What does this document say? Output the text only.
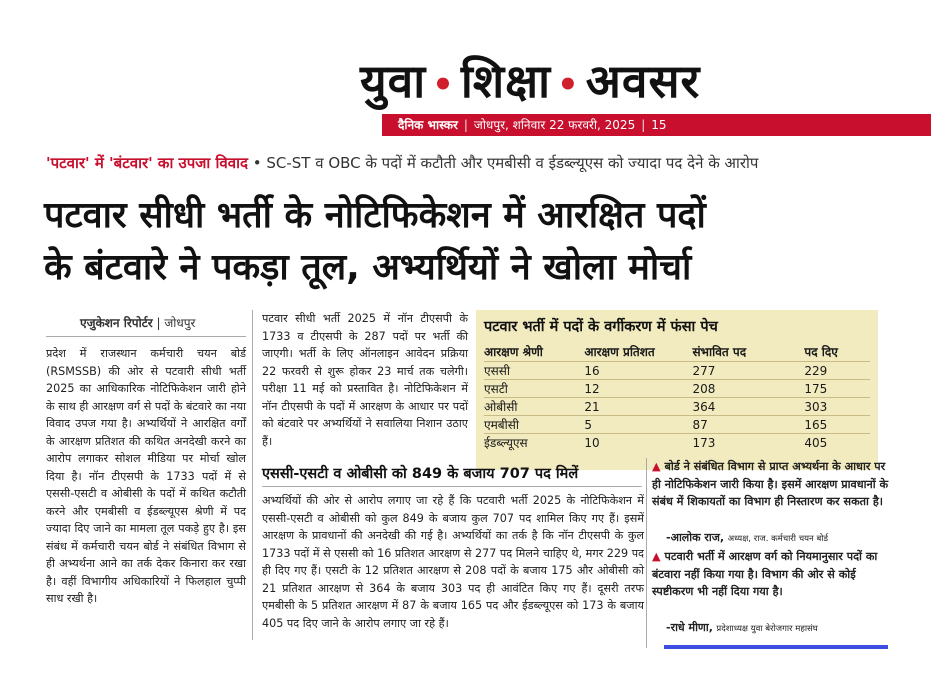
युवा • शिक्षा • अवसर
दैनिक भास्कर | जोधपुर, शनिवार 22 फरवरी, 2025 | 15
'पटवार' में 'बंटवार' का उपजा विवाद • SC-ST व OBC के पदों में कटौती और एमबीसी व ईडब्ल्यूएस को ज्यादा पद देने के आरोप
पटवार सीधी भर्ती के नोटिफिकेशन में आरक्षित पदों
के बंटवारे ने पकड़ा तूल, अभ्यर्थियों ने खोला मोर्चा
एजुकेशन रिपोर्टर | जोधपुर
प्रदेश में राजस्थान कर्मचारी चयन बोर्ड (RSMSSB) की ओर से पटवारी सीधी भर्ती 2025 का आधिकारिक नोटिफिकेशन जारी होने के साथ ही आरक्षण वर्ग से पदों के बंटवारे का नया विवाद उपज गया है। अभ्यर्थियों ने आरक्षित वर्गों के आरक्षण प्रतिशत की कथित अनदेखी करने का आरोप लगाकर सोशल मीडिया पर मोर्चा खोल दिया है। नॉन टीएसपी के 1733 पदों में से एससी-एसटी व ओबीसी के पदों में कथित कटौती करने और एमबीसी व ईडब्ल्यूएस श्रेणी में पद ज्यादा दिए जाने का मामला तूल पकड़े हुए है। इस संबंध में कर्मचारी चयन बोर्ड ने संबंधित विभाग से ही अभ्यर्थना आने का तर्क देकर किनारा कर रखा है। वहीं विभागीय अधिकारियों ने फिलहाल चुप्पी साध रखी है।
पटवार सीधी भर्ती 2025 में नॉन टीएसपी के 1733 व टीएसपी के 287 पदों पर भर्ती की जाएगी। भर्ती के लिए ऑनलाइन आवेदन प्रक्रिया 22 फरवरी से शुरू होकर 23 मार्च तक चलेगी। परीक्षा 11 मई को प्रस्तावित है। नोटिफिकेशन में नॉन टीएसपी के पदों में आरक्षण के आधार पर पदों को बंटवारे पर अभ्यर्थियों ने सवालिया निशान उठाए हैं।
पटवार भर्ती में पदों के वर्गीकरण में फंसा पेच
आरक्षण श्रेणी	आरक्षण प्रतिशत	संभावित पद	पद दिए
एससी	16	277	229
एसटी	12	208	175
ओबीसी	21	364	303
एमबीसी	5	87	165
ईडब्ल्यूएस	10	173	405
एससी-एसटी व ओबीसी को 849 के बजाय 707 पद मिलें
अभ्यर्थियों की ओर से आरोप लगाए जा रहे हैं कि पटवारी भर्ती 2025 के नोटिफिकेशन में एससी-एसटी व ओबीसी को कुल 849 के बजाय कुल 707 पद शामिल किए गए हैं। इसमें आरक्षण के प्रावधानों की अनदेखी की गई है। अभ्यर्थियों का तर्क है कि नॉन टीएसपी के कुल 1733 पदों में से एससी को 16 प्रतिशत आरक्षण से 277 पद मिलने चाहिए थे, मगर 229 पद ही दिए गए हैं। एसटी के 12 प्रतिशत आरक्षण से 208 पदों के बजाय 175 और ओबीसी को 21 प्रतिशत आरक्षण से 364 के बजाय 303 पद ही आवंटित किए गए हैं। दूसरी तरफ एमबीसी के 5 प्रतिशत आरक्षण में 87 के बजाय 165 पद और ईडब्ल्यूएस को 173 के बजाय 405 पद दिए जाने के आरोप लगाए जा रहे हैं।
▲ बोर्ड ने संबंधित विभाग से प्राप्त अभ्यर्थना के आधार पर ही नोटिफिकेशन जारी किया है। इसमें आरक्षण प्रावधानों के संबंध में शिकायतों का विभाग ही निस्तारण कर सकता है।
-आलोक राज, अध्यक्ष, राज. कर्मचारी चयन बोर्ड
▲ पटवारी भर्ती में आरक्षण वर्ग को नियमानुसार पदों का बंटवारा नहीं किया गया है। विभाग की ओर से कोई स्पष्टीकरण भी नहीं दिया गया है।
-राधे मीणा, प्रदेशाध्यक्ष युवा बेरोजगार महासंघ
